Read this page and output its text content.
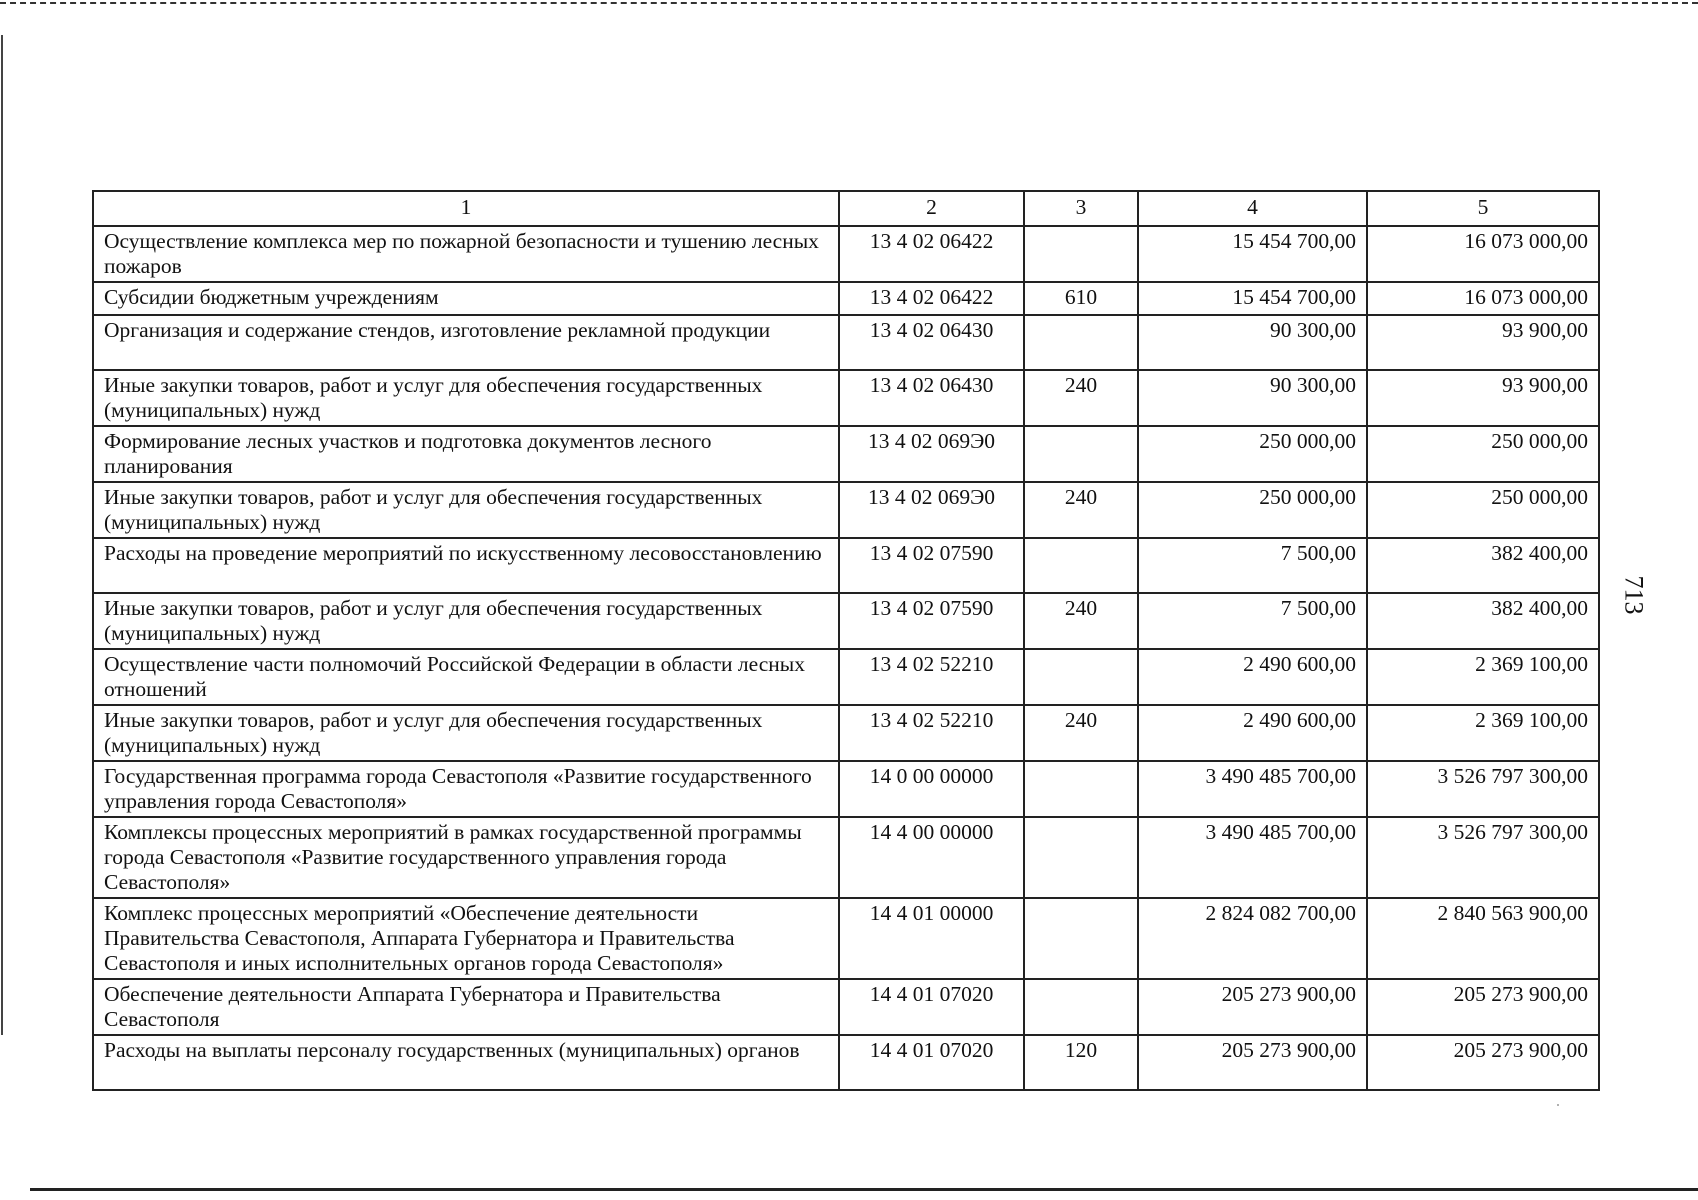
713
1	2	3	4	5
Осуществление комплекса мер по пожарной безопасности и тушению лесных пожаров	13 4 02 06422		15 454 700,00	16 073 000,00
Субсидии бюджетным учреждениям	13 4 02 06422	610	15 454 700,00	16 073 000,00
Организация и содержание стендов, изготовление рекламной продукции	13 4 02 06430		90 300,00	93 900,00
Иные закупки товаров, работ и услуг для обеспечения государственных (муниципальных) нужд	13 4 02 06430	240	90 300,00	93 900,00
Формирование лесных участков и подготовка документов лесного планирования	13 4 02 069Э0		250 000,00	250 000,00
Иные закупки товаров, работ и услуг для обеспечения государственных (муниципальных) нужд	13 4 02 069Э0	240	250 000,00	250 000,00
Расходы на проведение мероприятий по искусственному лесовосстановлению	13 4 02 07590		7 500,00	382 400,00
Иные закупки товаров, работ и услуг для обеспечения государственных (муниципальных) нужд	13 4 02 07590	240	7 500,00	382 400,00
Осуществление части полномочий Российской Федерации в области лесных отношений	13 4 02 52210		2 490 600,00	2 369 100,00
Иные закупки товаров, работ и услуг для обеспечения государственных (муниципальных) нужд	13 4 02 52210	240	2 490 600,00	2 369 100,00
Государственная программа города Севастополя «Развитие государственного управления города Севастополя»	14 0 00 00000		3 490 485 700,00	3 526 797 300,00
Комплексы процессных мероприятий в рамках государственной программы города Севастополя «Развитие государственного управления города Севастополя»	14 4 00 00000		3 490 485 700,00	3 526 797 300,00
Комплекс процессных мероприятий «Обеспечение деятельности Правительства Севастополя, Аппарата Губернатора и Правительства Севастополя и иных исполнительных органов города Севастополя»	14 4 01 00000		2 824 082 700,00	2 840 563 900,00
Обеспечение деятельности Аппарата Губернатора и Правительства Севастополя	14 4 01 07020		205 273 900,00	205 273 900,00
Расходы на выплаты персоналу государственных (муниципальных) органов	14 4 01 07020	120	205 273 900,00	205 273 900,00
